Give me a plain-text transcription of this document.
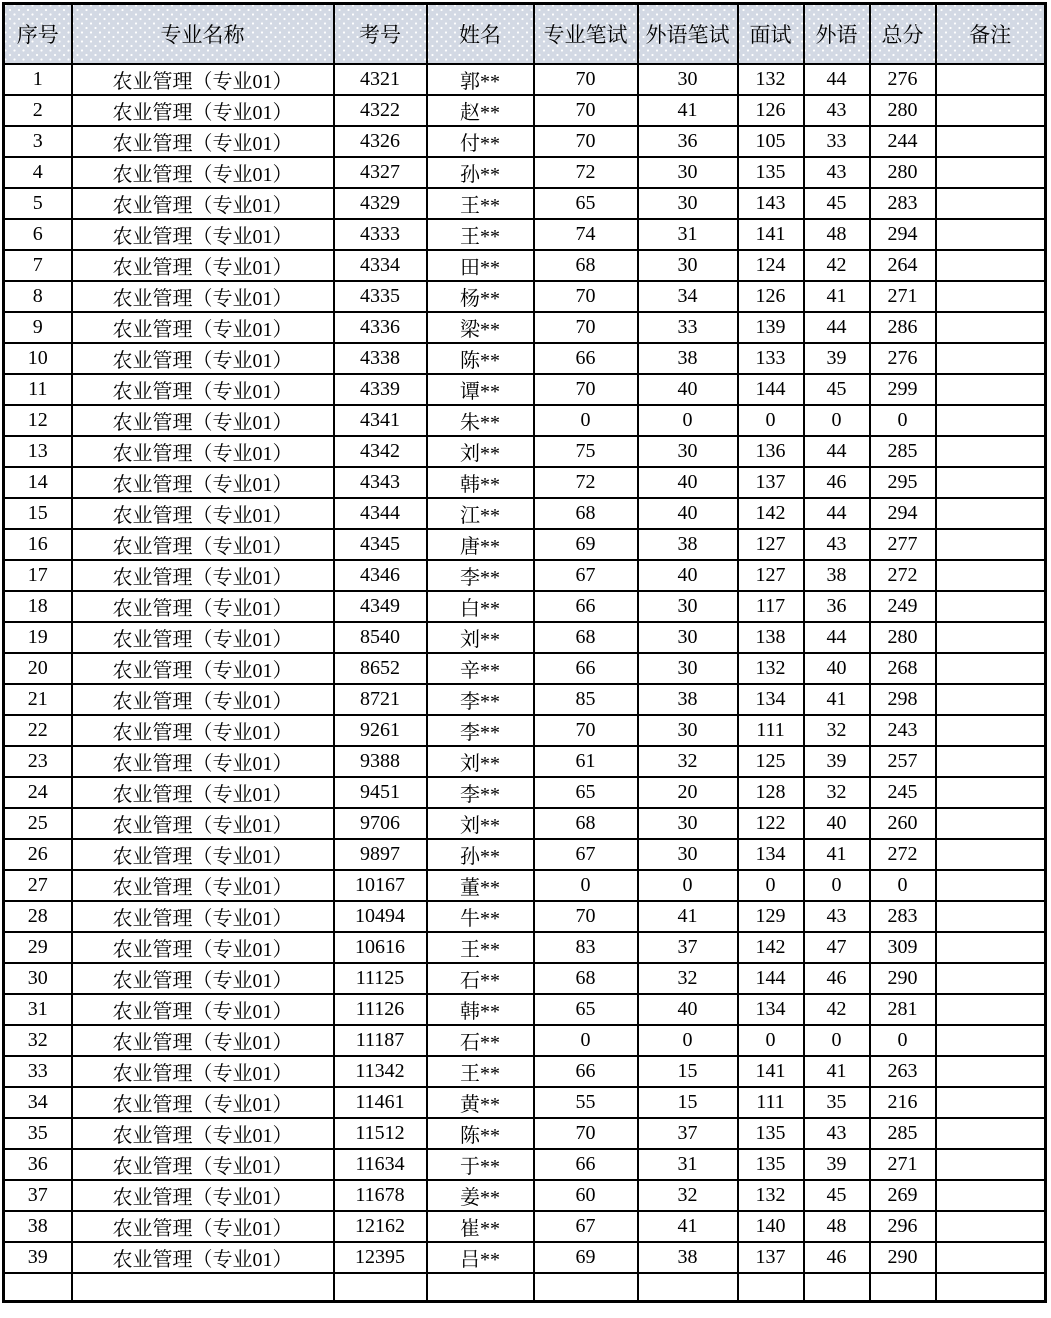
序号	专业名称	考号	姓名	专业笔试	外语笔试	面试	外语	总分	备注
1	农业管理（专业01）	4321	郭**	70	30	132	44	276	
2	农业管理（专业01）	4322	赵**	70	41	126	43	280	
3	农业管理（专业01）	4326	付**	70	36	105	33	244	
4	农业管理（专业01）	4327	孙**	72	30	135	43	280	
5	农业管理（专业01）	4329	王**	65	30	143	45	283	
6	农业管理（专业01）	4333	王**	74	31	141	48	294	
7	农业管理（专业01）	4334	田**	68	30	124	42	264	
8	农业管理（专业01）	4335	杨**	70	34	126	41	271	
9	农业管理（专业01）	4336	梁**	70	33	139	44	286	
10	农业管理（专业01）	4338	陈**	66	38	133	39	276	
11	农业管理（专业01）	4339	谭**	70	40	144	45	299	
12	农业管理（专业01）	4341	朱**	0	0	0	0	0	
13	农业管理（专业01）	4342	刘**	75	30	136	44	285	
14	农业管理（专业01）	4343	韩**	72	40	137	46	295	
15	农业管理（专业01）	4344	江**	68	40	142	44	294	
16	农业管理（专业01）	4345	唐**	69	38	127	43	277	
17	农业管理（专业01）	4346	李**	67	40	127	38	272	
18	农业管理（专业01）	4349	白**	66	30	117	36	249	
19	农业管理（专业01）	8540	刘**	68	30	138	44	280	
20	农业管理（专业01）	8652	辛**	66	30	132	40	268	
21	农业管理（专业01）	8721	李**	85	38	134	41	298	
22	农业管理（专业01）	9261	李**	70	30	111	32	243	
23	农业管理（专业01）	9388	刘**	61	32	125	39	257	
24	农业管理（专业01）	9451	李**	65	20	128	32	245	
25	农业管理（专业01）	9706	刘**	68	30	122	40	260	
26	农业管理（专业01）	9897	孙**	67	30	134	41	272	
27	农业管理（专业01）	10167	董**	0	0	0	0	0	
28	农业管理（专业01）	10494	牛**	70	41	129	43	283	
29	农业管理（专业01）	10616	王**	83	37	142	47	309	
30	农业管理（专业01）	11125	石**	68	32	144	46	290	
31	农业管理（专业01）	11126	韩**	65	40	134	42	281	
32	农业管理（专业01）	11187	石**	0	0	0	0	0	
33	农业管理（专业01）	11342	王**	66	15	141	41	263	
34	农业管理（专业01）	11461	黄**	55	15	111	35	216	
35	农业管理（专业01）	11512	陈**	70	37	135	43	285	
36	农业管理（专业01）	11634	于**	66	31	135	39	271	
37	农业管理（专业01）	11678	姜**	60	32	132	45	269	
38	农业管理（专业01）	12162	崔**	67	41	140	48	296	
39	农业管理（专业01）	12395	吕**	69	38	137	46	290	
